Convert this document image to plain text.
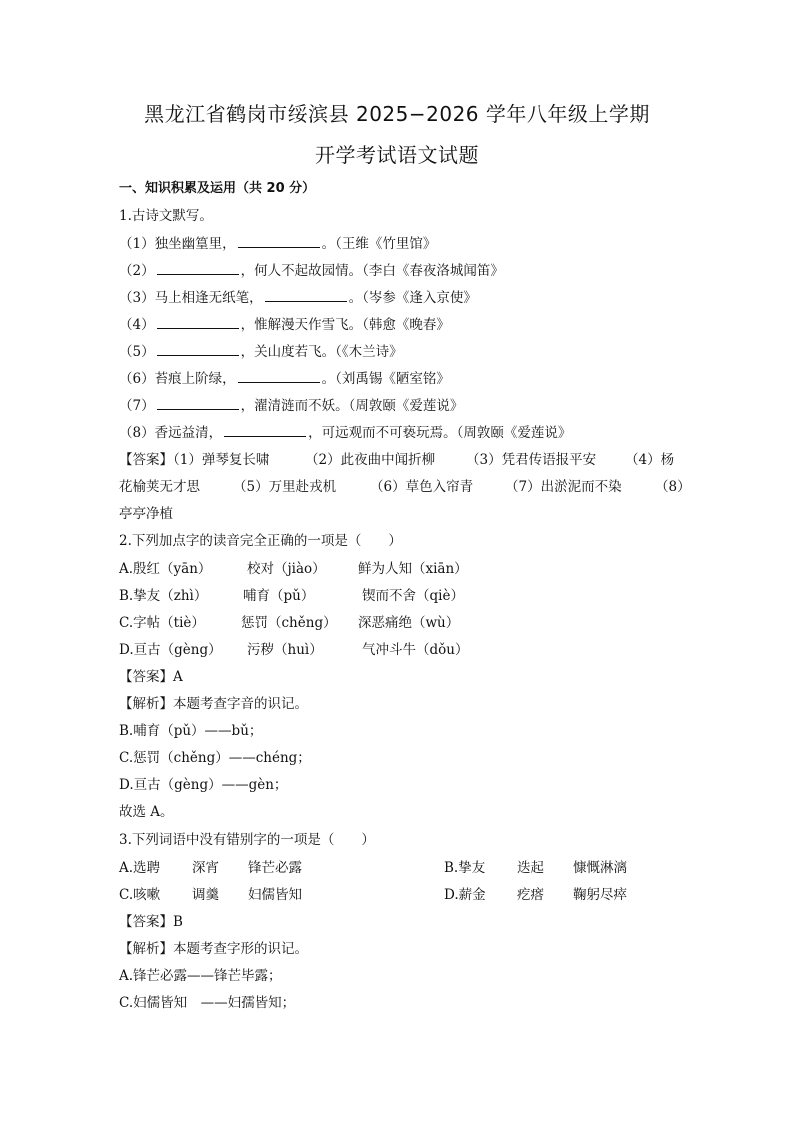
黑龙江省鹤岗市绥滨县 2025−2026 学年八年级上学期
开学考试语文试题
一、知识积累及运用（共 20 分）
1.古诗文默写。
（1）独坐幽篁里，	。（王维《竹里馆》
（2）	，何人不起故园情。（李白《春夜洛城闻笛》
（3）马上相逢无纸笔，	。（岑参《逢入京使》
（4）	，惟解漫天作雪飞。（韩愈《晚春》
（5）	，关山度若飞。（《木兰诗》
（6）苔痕上阶绿，	。（刘禹锡《陋室铭》
（7）	，濯清涟而不妖。（周敦颐《爱莲说》
（8）香远益清，	，可远观而不可亵玩焉。（周敦颐《爱莲说》
【答案】（1）弹琴复长啸	（2）此夜曲中闻折柳 （3）凭君传语报平安 （4）杨
花榆荚无才思 （5）万里赴戎机	（6）草色入帘青 （7）出淤泥而不染 （8）
亭亭净植
2.下列加点字的读音完全正确的一项是（　　）
A.殷红（yān）	校对（jiào） 鲜为人知（xiān）
B.挚友（zhì）	哺育（pǔ）	锲而不舍（qiè）
C.字帖（tiè）	惩罚（chěng） 深恶痛绝（wù）
D.亘古（gèng） 污秽（huì）	气冲斗牛（dǒu）
【答案】A
【解析】本题考查字音的识记。
B.哺育（pǔ）——bǔ；
C.惩罚（chěng）——chéng；
D.亘古（gèng）——gèn；
故选 A。
3.下列词语中没有错别字的一项是（　　）
A.选聘 深宵 锋芒必露	B.挚友 迭起 慷慨淋漓
C.咳嗽 调羹 妇儒皆知	D.薪金 疙瘩 鞠躬尽瘁
【答案】B
【解析】本题考查字形的识记。
A.锋芒必露——锋芒毕露；
C.妇儒皆知　——妇孺皆知；
